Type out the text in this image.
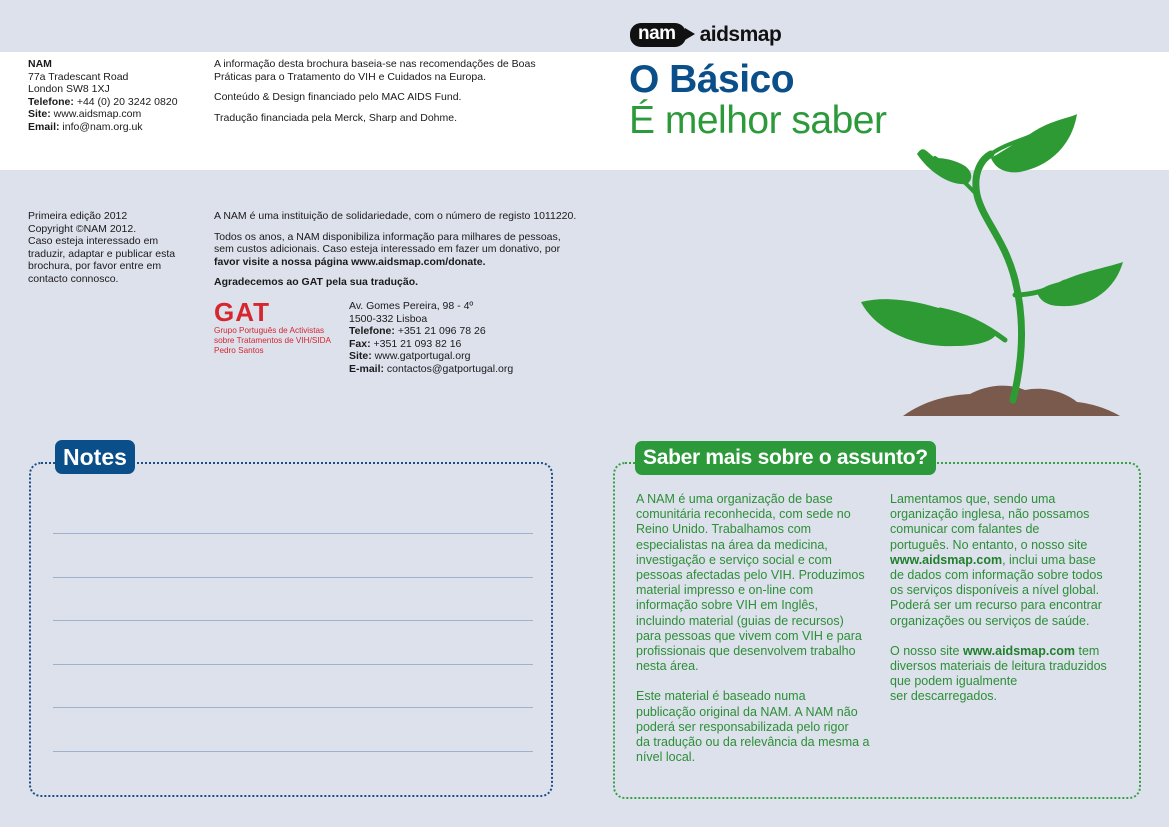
nam	aidsmap
O Básico
É melhor saber
NAM
77a Tradescant Road
London SW8 1XJ
Telefone: +44 (0) 20 3242 0820
Site: www.aidsmap.com
Email: info@nam.org.uk
A informação desta brochura baseia-se nas recomendações de Boas
Práticas para o Tratamento do VIH e Cuidados na Europa.
Conteúdo & Design financiado pelo MAC AIDS Fund.
Tradução financiada pela Merck, Sharp and Dohme.
Primeira edição 2012
Copyright ©NAM 2012.
Caso esteja interessado em
traduzir, adaptar e publicar esta
brochura, por favor entre em
contacto connosco.
A NAM é uma instituição de solidariedade, com o número de registo 1011220.
Todos os anos, a NAM disponibiliza informação para milhares de pessoas,
sem custos adicionais. Caso esteja interessado em fazer um donativo, por
favor visite a nossa página www.aidsmap.com/donate.
Agradecemos ao GAT pela sua tradução.
GAT
Grupo Português de Activistas
sobre Tratamentos de VIH/SIDA
Pedro Santos
Av. Gomes Pereira, 98 - 4º
1500-332 Lisboa
Telefone: +351 21 096 78 26
Fax: +351 21 093 82 16
Site: www.gatportugal.org
E-mail: contactos@gatportugal.org
Notes	Saber mais sobre o assunto?
A NAM é uma organização de base
comunitária reconhecida, com sede no
Reino Unido. Trabalhamos com
especialistas na área da medicina,
investigação e serviço social e com
pessoas afectadas pelo VIH. Produzimos
material impresso e on-line com
informação sobre VIH em Inglês,
incluindo material (guias de recursos)
para pessoas que vivem com VIH e para
profissionais que desenvolvem trabalho
nesta área.
Este material é baseado numa
publicação original da NAM. A NAM não
poderá ser responsabilizada pelo rigor
da tradução ou da relevância da mesma a
nível local.
Lamentamos que, sendo uma
organização inglesa, não possamos
comunicar com falantes de
português. No entanto, o nosso site
www.aidsmap.com, inclui uma base
de dados com informação sobre todos
os serviços disponíveis a nível global.
Poderá ser um recurso para encontrar
organizações ou serviços de saúde.
O nosso site www.aidsmap.com tem
diversos materiais de leitura traduzidos
que podem igualmente
ser descarregados.
